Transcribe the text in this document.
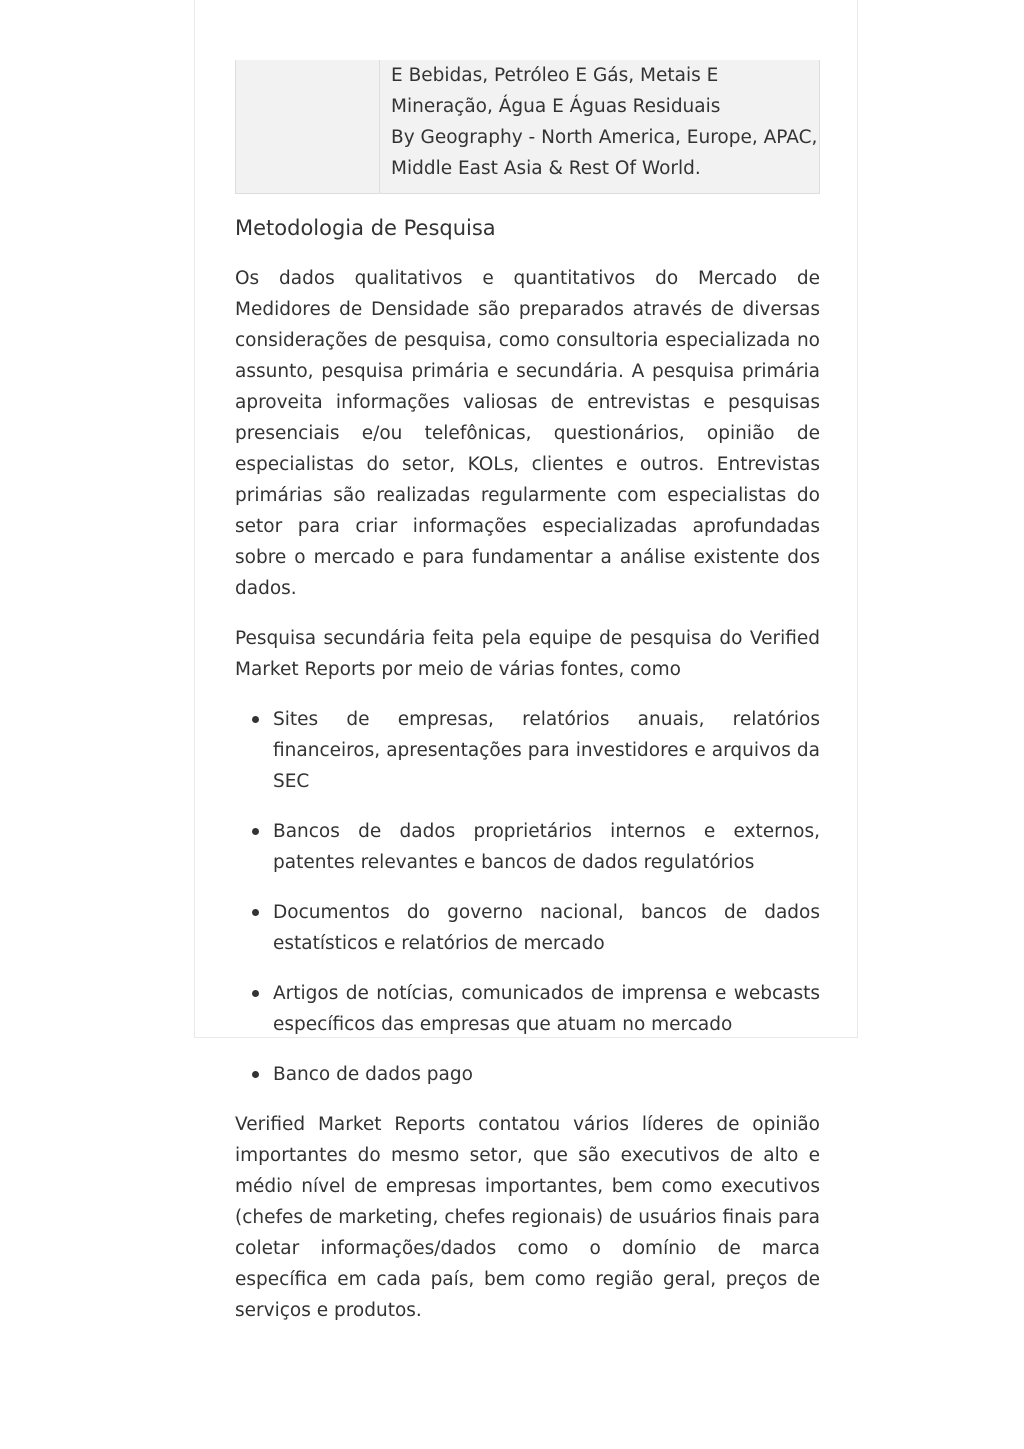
E Bebidas, Petróleo E Gás, Metais E
Mineração, Água E Águas Residuais
By Geography - North America, Europe, APAC,
Middle East Asia & Rest Of World.
Metodologia de Pesquisa

Os dados qualitativos e quantitativos do Mercado de Medidores de Densidade são preparados através de diversas considerações de pesquisa, como consultoria especializada no assunto, pesquisa primária e secundária. A pesquisa primária aproveita informações valiosas de entrevistas e pesquisas presenciais e/ou telefônicas, questionários, opinião de especialistas do setor, KOLs, clientes e outros. Entrevistas primárias são realizadas regularmente com especialistas do setor para criar informações especializadas aprofundadas sobre o mercado e para fundamentar a análise existente dos dados.

Pesquisa secundária feita pela equipe de pesquisa do Verified Market Reports por meio de várias fontes, como

Sites de empresas, relatórios anuais, relatórios financeiros, apresentações para investidores e arquivos da SEC
Bancos de dados proprietários internos e externos, patentes relevantes e bancos de dados regulatórios
Documentos do governo nacional, bancos de dados estatísticos e relatórios de mercado
Artigos de notícias, comunicados de imprensa e webcasts específicos das empresas que atuam no mercado
Banco de dados pago

Verified Market Reports contatou vários líderes de opinião importantes do mesmo setor, que são executivos de alto e médio nível de empresas importantes, bem como executivos (chefes de marketing, chefes regionais) de usuários finais para coletar informações/dados como o domínio de marca específica em cada país, bem como região geral, preços de serviços e produtos.
